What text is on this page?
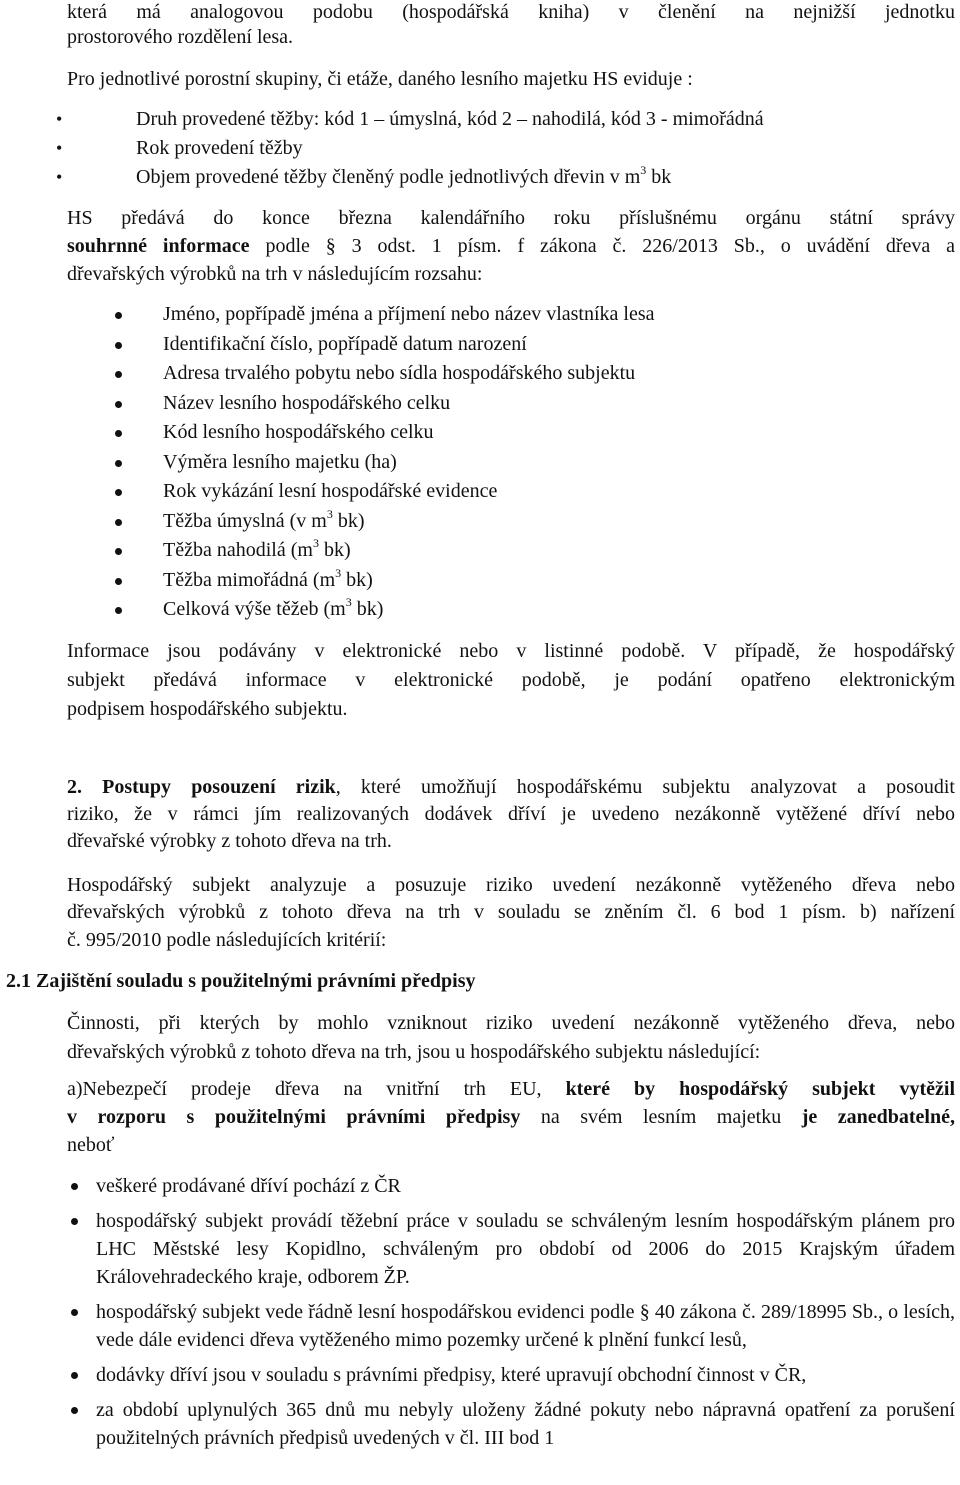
která má analogovou podobu (hospodářská kniha) v členění na nejnižší jednotku
prostorového rozdělení lesa.
Pro jednotlivé porostní skupiny, či etáže, daného lesního majetku HS eviduje :
• Druh provedené těžby: kód 1 – úmyslná, kód 2 – nahodilá, kód 3 - mimořádná
• Rok provedení těžby
• Objem provedené těžby členěný podle jednotlivých dřevin v $m^3$ bk
HS předává do konce března kalendářního roku příslušnému orgánu státní správy
souhrnné informace podle § 3 odst. 1 písm. f zákona č. 226/2013 Sb., o uvádění dřeva a
dřevařských výrobků na trh v následujícím rozsahu:
Jméno, popřípadě jména a příjmení nebo název vlastníka lesa
Identifikační číslo, popřípadě datum narození
Adresa trvalého pobytu nebo sídla hospodářského subjektu
Název lesního hospodářského celku
Kód lesního hospodářského celku
Výměra lesního majetku (ha)
Rok vykázání lesní hospodářské evidence
Těžba úmyslná (v $m^3$ bk)
Těžba nahodilá ($m^3$ bk)
Těžba mimořádná ($m^3$ bk)
Celková výše těžeb ($m^3$ bk)
Informace jsou podávány v elektronické nebo v listinné podobě. V případě, že hospodářský
subjekt předává informace v elektronické podobě, je podání opatřeno elektronickým
podpisem hospodářského subjektu.
2. Postupy posouzení rizik, které umožňují hospodářskému subjektu analyzovat a posoudit
riziko, že v rámci jím realizovaných dodávek dříví je uvedeno nezákonně vytěžené dříví nebo
dřevařské výrobky z tohoto dřeva na trh.
Hospodářský subjekt analyzuje a posuzuje riziko uvedení nezákonně vytěženého dřeva nebo
dřevařských výrobků z tohoto dřeva na trh v souladu se zněním čl. 6 bod 1 písm. b) nařízení
č. 995/2010 podle následujících kritérií:
2.1 Zajištění souladu s použitelnými právními předpisy
Činnosti, při kterých by mohlo vzniknout riziko uvedení nezákonně vytěženého dřeva, nebo
dřevařských výrobků z tohoto dřeva na trh, jsou u hospodářského subjektu následující:
a) Nebezpečí prodeje dřeva na vnitřní trh EU, které by hospodářský subjekt vytěžil
v rozporu s použitelnými právními předpisy na svém lesním majetku je zanedbatelné,
neboť
veškeré prodávané dříví pochází z ČR
hospodářský subjekt provádí těžební práce v souladu se schváleným lesním hospodářským plánem pro LHC Městské lesy Kopidlno, schváleným pro období od 2006 do 2015 Krajským úřadem Královehradeckého kraje, odborem ŽP.
hospodářský subjekt vede řádně lesní hospodářskou evidenci podle § 40 zákona č. 289/18995 Sb., o lesích, vede dále evidenci dřeva vytěženého mimo pozemky určené k plnění funkcí lesů,
dodávky dříví jsou v souladu s právními předpisy, které upravují obchodní činnost v ČR,
za období uplynulých 365 dnů mu nebyly uloženy žádné pokuty nebo nápravná opatření za porušení použitelných právních předpisů uvedených v čl. III bod 1
